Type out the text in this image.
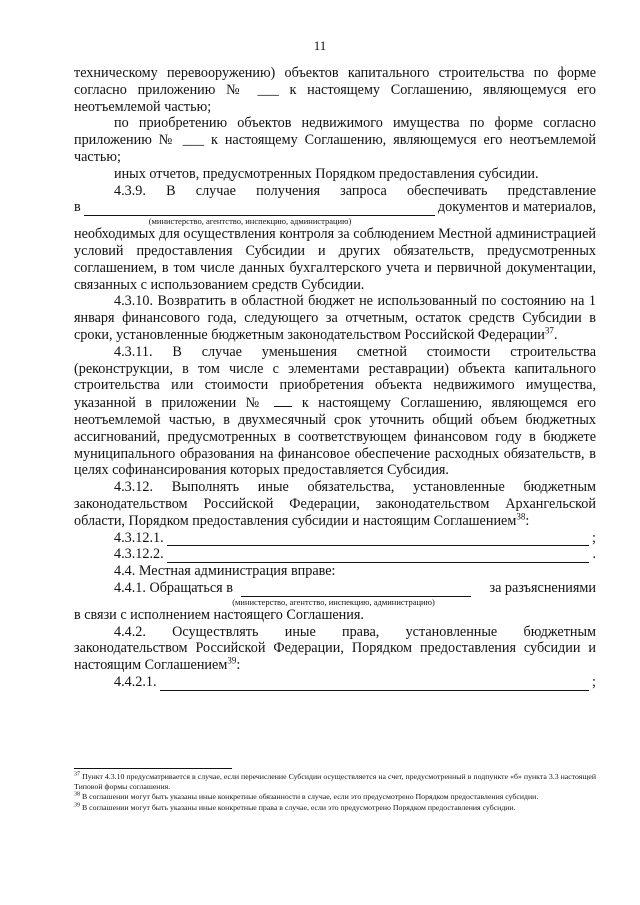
11

техническому перевооружению) объектов капитального строительства по форме согласно приложению № ___ к настоящему Соглашению, являющемуся его неотъемлемой частью;

по приобретению объектов недвижимого имущества по форме согласно приложению № ___ к настоящему Соглашению, являющемуся его неотъемлемой частью;

иных отчетов, предусмотренных Порядком предоставления субсидии.

4.3.9. В случае получения запроса обеспечивать представление

в	документов и материалов,
(министерство, агентство, инспекцию, администрацию)

необходимых для осуществления контроля за соблюдением Местной администрацией условий предоставления Субсидии и других обязательств, предусмотренных соглашением, в том числе данных бухгалтерского учета и первичной документации, связанных с использованием средств Субсидии.

4.3.10. Возвратить в областной бюджет не использованный по состоянию на 1 января финансового года, следующего за отчетным, остаток средств Субсидии в сроки, установленные бюджетным законодательством Российской Федерации$^{37}$.

4.3.11. В случае уменьшения сметной стоимости строительства (реконструкции, в том числе с элементами реставрации) объекта капитального строительства или стоимости приобретения объекта недвижимого имущества, указанной в приложении №	к настоящему Соглашению, являющемся его неотъемлемой частью, в двухмесячный срок уточнить общий объем бюджетных ассигнований, предусмотренных в соответствующем финансовом году в бюджете муниципального образования на финансовое обеспечение расходных обязательств, в целях софинансирования которых предоставляется Субсидия.

4.3.12. Выполнять иные обязательства, установленные бюджетным законодательством Российской Федерации, законодательством Архангельской области, Порядком предоставления субсидии и настоящим Соглашением$^{38}$:

4.3.12.1.	;
4.3.12.2.	.

4.4. Местная администрация вправе:

4.4.1. Обращаться в	за разъяснениями
(министерство, агентство, инспекцию, администрацию)

в связи с исполнением настоящего Соглашения.

4.4.2. Осуществлять иные права, установленные бюджетным законодательством Российской Федерации, Порядком предоставления субсидии и настоящим Соглашением$^{39}$:

4.4.2.1.	;

$^{37}$ Пункт 4.3.10 предусматривается в случае, если перечисление Субсидии осуществляется на счет, предусмотренный в подпункте «б» пункта 3.3 настоящей Типовой формы соглашения.

$^{38}$ В соглашении могут быть указаны иные конкретные обязанности в случае, если это предусмотрено Порядком предоставления субсидии.

$^{39}$ В соглашении могут быть указаны иные конкретные права в случае, если это предусмотрено Порядком предоставления субсидии.
